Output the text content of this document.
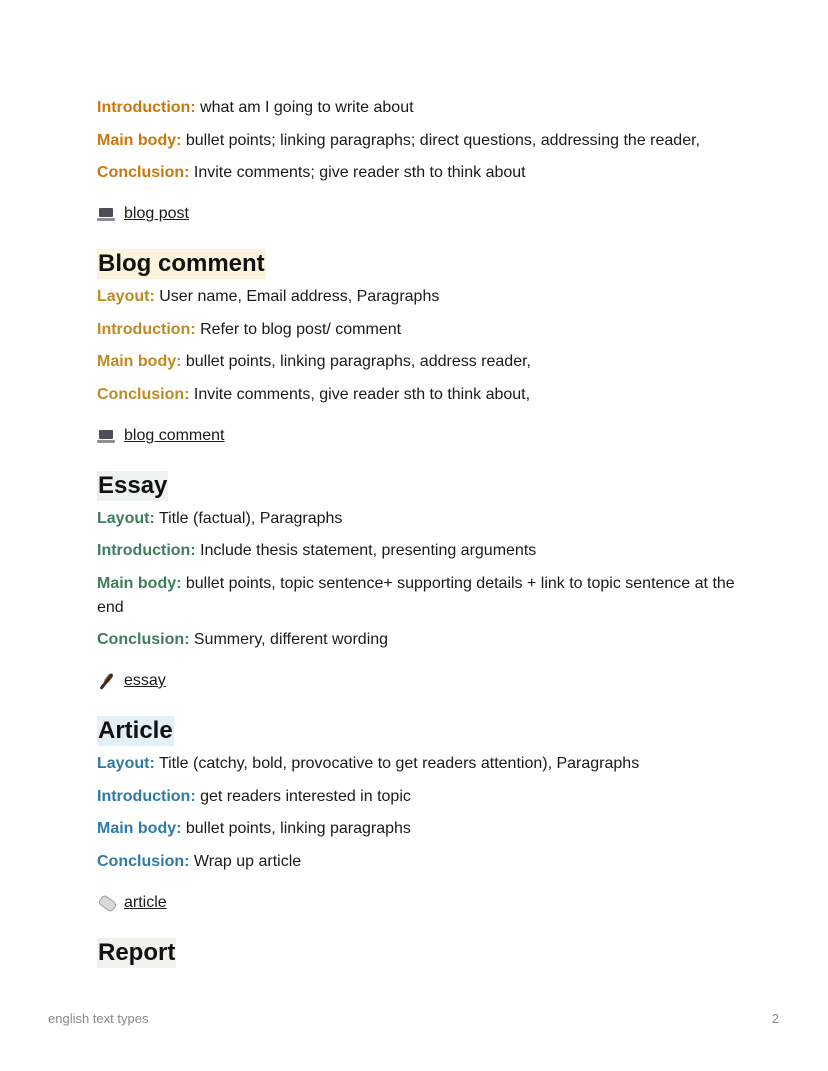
Introduction: what am I going to write about

Main body: bullet points; linking paragraphs; direct questions, addressing the reader,

Conclusion: Invite comments; give reader sth to think about

blog post
Blog comment

Layout: User name, Email address, Paragraphs

Introduction: Refer to blog post/ comment

Main body: bullet points, linking paragraphs, address reader,

Conclusion: Invite comments, give reader sth to think about,

blog comment
Essay

Layout: Title (factual), Paragraphs

Introduction: Include thesis statement, presenting arguments

Main body: bullet points, topic sentence+ supporting details + link to topic sentence at the end

Conclusion: Summery, different wording

essay
Article

Layout: Title (catchy, bold, provocative to get readers attention), Paragraphs

Introduction: get readers interested in topic

Main body: bullet points, linking paragraphs

Conclusion: Wrap up article

article
Report
english text types	2
